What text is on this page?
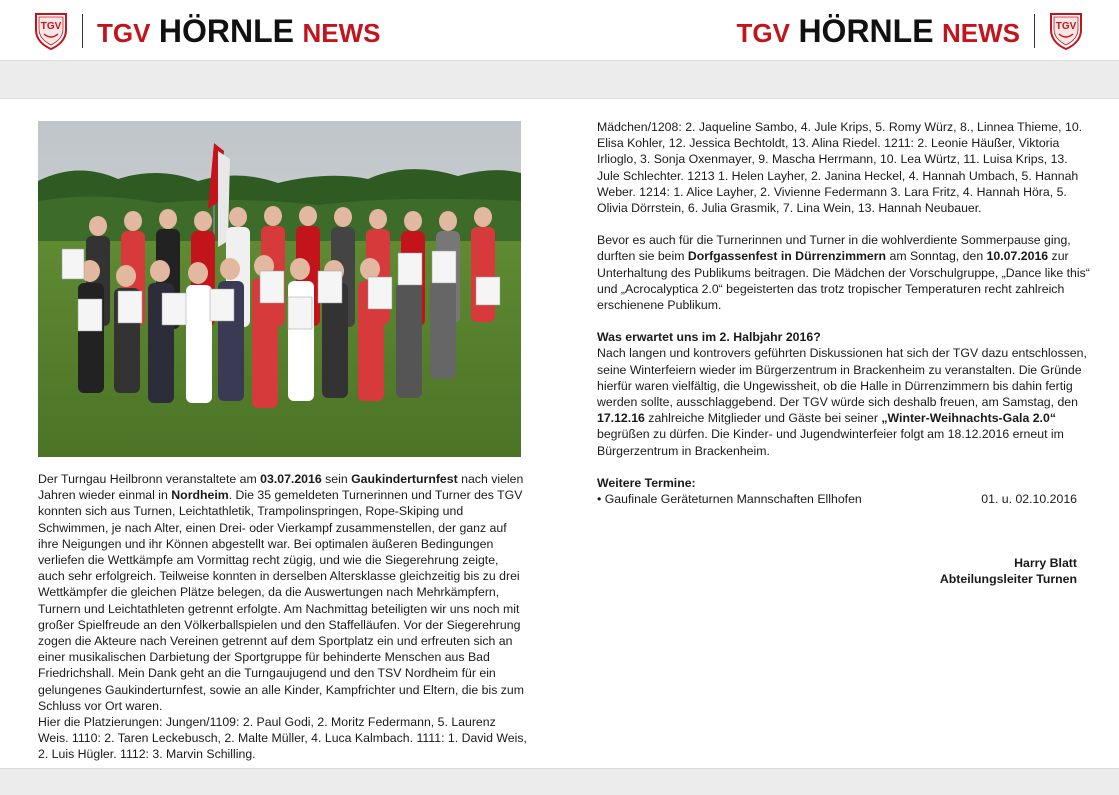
TGV TGV HÖRNLE NEWS	TGV HÖRNLE NEWS	TGV

Der Turngau Heilbronn veranstaltete am 03.07.2016 sein Gaukinderturnfest nach vielen Jahren wieder einmal in Nordheim. Die 35 gemeldeten Turnerinnen und Turner des TGV konnten sich aus Turnen, Leichtathletik, Trampolinspringen, Rope-Skiping und Schwimmen, je nach Alter, einen Drei- oder Vierkampf zusammenstellen, der ganz auf ihre Neigungen und ihr Können abgestellt war. Bei optimalen äußeren Bedingungen verliefen die Wettkämpfe am Vormittag recht zügig, und wie die Siegerehrung zeigte, auch sehr erfolgreich. Teilweise konnten in derselben Altersklasse gleichzeitig bis zu drei Wettkämpfer die gleichen Plätze belegen, da die Auswertungen nach Mehrkämpfern, Turnern und Leichtathleten getrennt erfolgte. Am Nachmittag beteiligten wir uns noch mit großer Spielfreude an den Völkerballspielen und den Staffelläufen. Vor der Siegerehrung zogen die Akteure nach Vereinen getrennt auf dem Sportplatz ein und erfreuten sich an einer musikalischen Darbietung der Sportgruppe für behinderte Menschen aus Bad Friedrichshall. Mein Dank geht an die Turngaujugend und den TSV Nordheim für ein gelungenes Gaukinderturnfest, sowie an alle Kinder, Kampfrichter und Eltern, die bis zum Schluss vor Ort waren.

Hier die Platzierungen: Jungen/1109: 2. Paul Godi, 2. Moritz Federmann, 5. Laurenz Weis. 1110: 2. Taren Leckebusch, 2. Malte Müller, 4. Luca Kalmbach. 1111: 1. David Weis, 2. Luis Hügler. 1112: 3. Marvin Schilling.

Mädchen/1208: 2. Jaqueline Sambo, 4. Jule Krips, 5. Romy Würz, 8., Linnea Thieme, 10. Elisa Kohler, 12. Jessica Bechtoldt, 13. Alina Riedel. 1211: 2. Leonie Häußer, Viktoria Irlioglo, 3. Sonja Oxenmayer, 9. Mascha Herrmann, 10. Lea Würtz, 11. Luisa Krips, 13. Jule Schlechter. 1213 1. Helen Layher, 2. Janina Heckel, 4. Hannah Umbach, 5. Hannah Weber. 1214: 1. Alice Layher, 2. Vivienne Federmann 3. Lara Fritz, 4. Hannah Höra, 5. Olivia Dörrstein, 6. Julia Grasmik, 7. Lina Wein, 13. Hannah Neubauer.

Bevor es auch für die Turnerinnen und Turner in die wohlverdiente Sommerpause ging, durften sie beim Dorfgassenfest in Dürrenzimmern am Sonntag, den 10.07.2016 zur Unterhaltung des Publikums beitragen. Die Mädchen der Vorschulgruppe, „Dance like this“ und „Acrocalyptica 2.0“ begeisterten das trotz tropischer Temperaturen recht zahlreich erschienene Publikum.

Was erwartet uns im 2. Halbjahr 2016?

Nach langen und kontrovers geführten Diskussionen hat sich der TGV dazu entschlossen, seine Winterfeiern wieder im Bürgerzentrum in Brackenheim zu veranstalten. Die Gründe hierfür waren vielfältig, die Ungewissheit, ob die Halle in Dürrenzimmern bis dahin fertig werden sollte, ausschlaggebend. Der TGV würde sich deshalb freuen, am Samstag, den 17.12.16 zahlreiche Mitglieder und Gäste bei seiner „Winter-Weihnachts-Gala 2.0“ begrüßen zu dürfen. Die Kinder- und Jugendwinterfeier folgt am 18.12.2016 erneut im Bürgerzentrum in Brackenheim.

Weitere Termine:

• Gaufinale Geräteturnen Mannschaften Ellhofen	01. u. 02.10.2016
Harry Blatt
Abteilungsleiter Turnen
